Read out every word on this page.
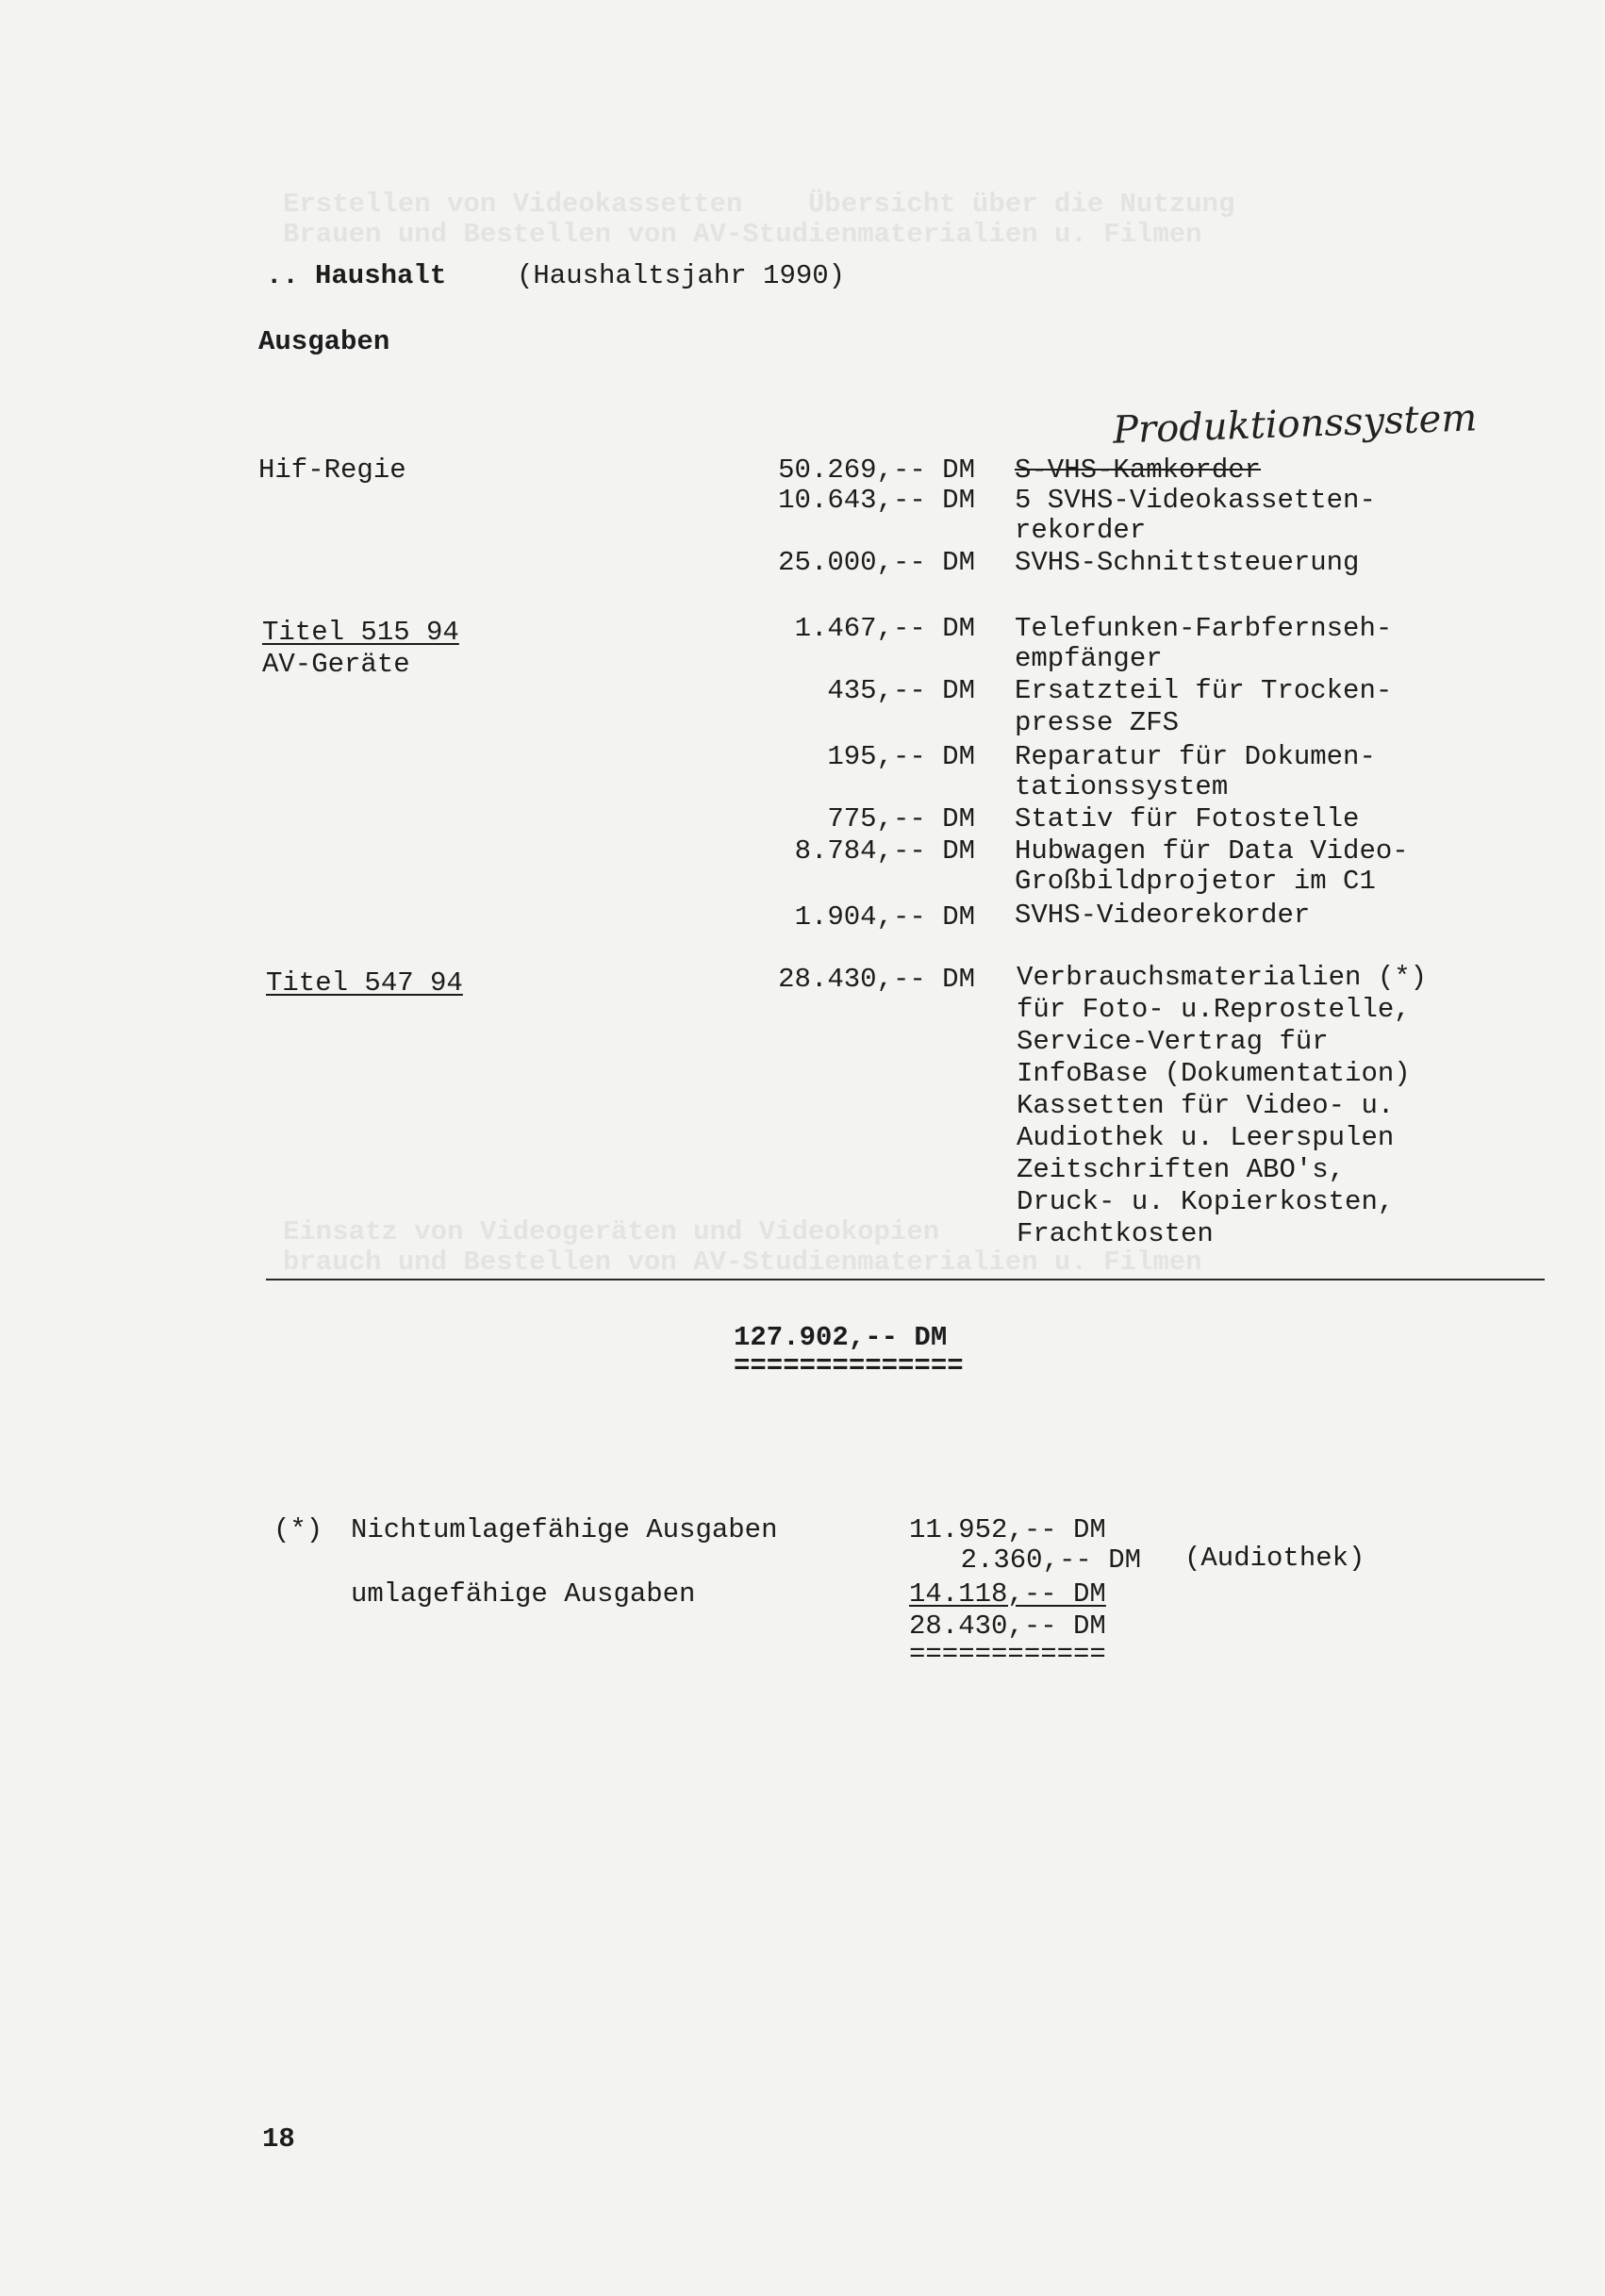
Erstellen von Videokassetten    Übersicht über die Nutzung
Brauen und Bestellen von AV-Studienmaterialien u. Filmen
Einsatz von Videogeräten und Videokopien
brauch und Bestellen von AV-Studienmaterialien u. Filmen
.. Haushalt	(Haushaltsjahr 1990)
Ausgaben
Produktionssystem
Hif-Regie	50.269,-- DM S-VHS-Kamkorder
10.643,-- DM 5 SVHS-Videokassetten-
rekorder
25.000,-- DM SVHS-Schnittsteuerung
Titel 515 94
AV-Geräte
1.467,-- DM Telefunken-Farbfernseh-
empfänger
435,-- DM Ersatzteil für Trocken-
presse ZFS
195,-- DM Reparatur für Dokumen-
tationssystem
775,-- DM Stativ für Fotostelle
8.784,-- DM Hubwagen für Data Video-
Großbildprojetor im C1
1.904,-- DM SVHS-Videorekorder
Titel 547 94	28.430,-- DM Verbrauchsmaterialien (*)
für Foto- u.Reprostelle,
Service-Vertrag für
InfoBase (Dokumentation)
Kassetten für Video- u.
Audiothek u. Leerspulen
Zeitschriften ABO's,
Druck- u. Kopierkosten,
Frachtkosten
127.902,-- DM
==============
(*) Nichtumlagefähige Ausgaben	11.952,-- DM
2.360,-- DM (Audiothek)
umlagefähige Ausgaben	14.118,-- DM
28.430,-- DM
============
18
